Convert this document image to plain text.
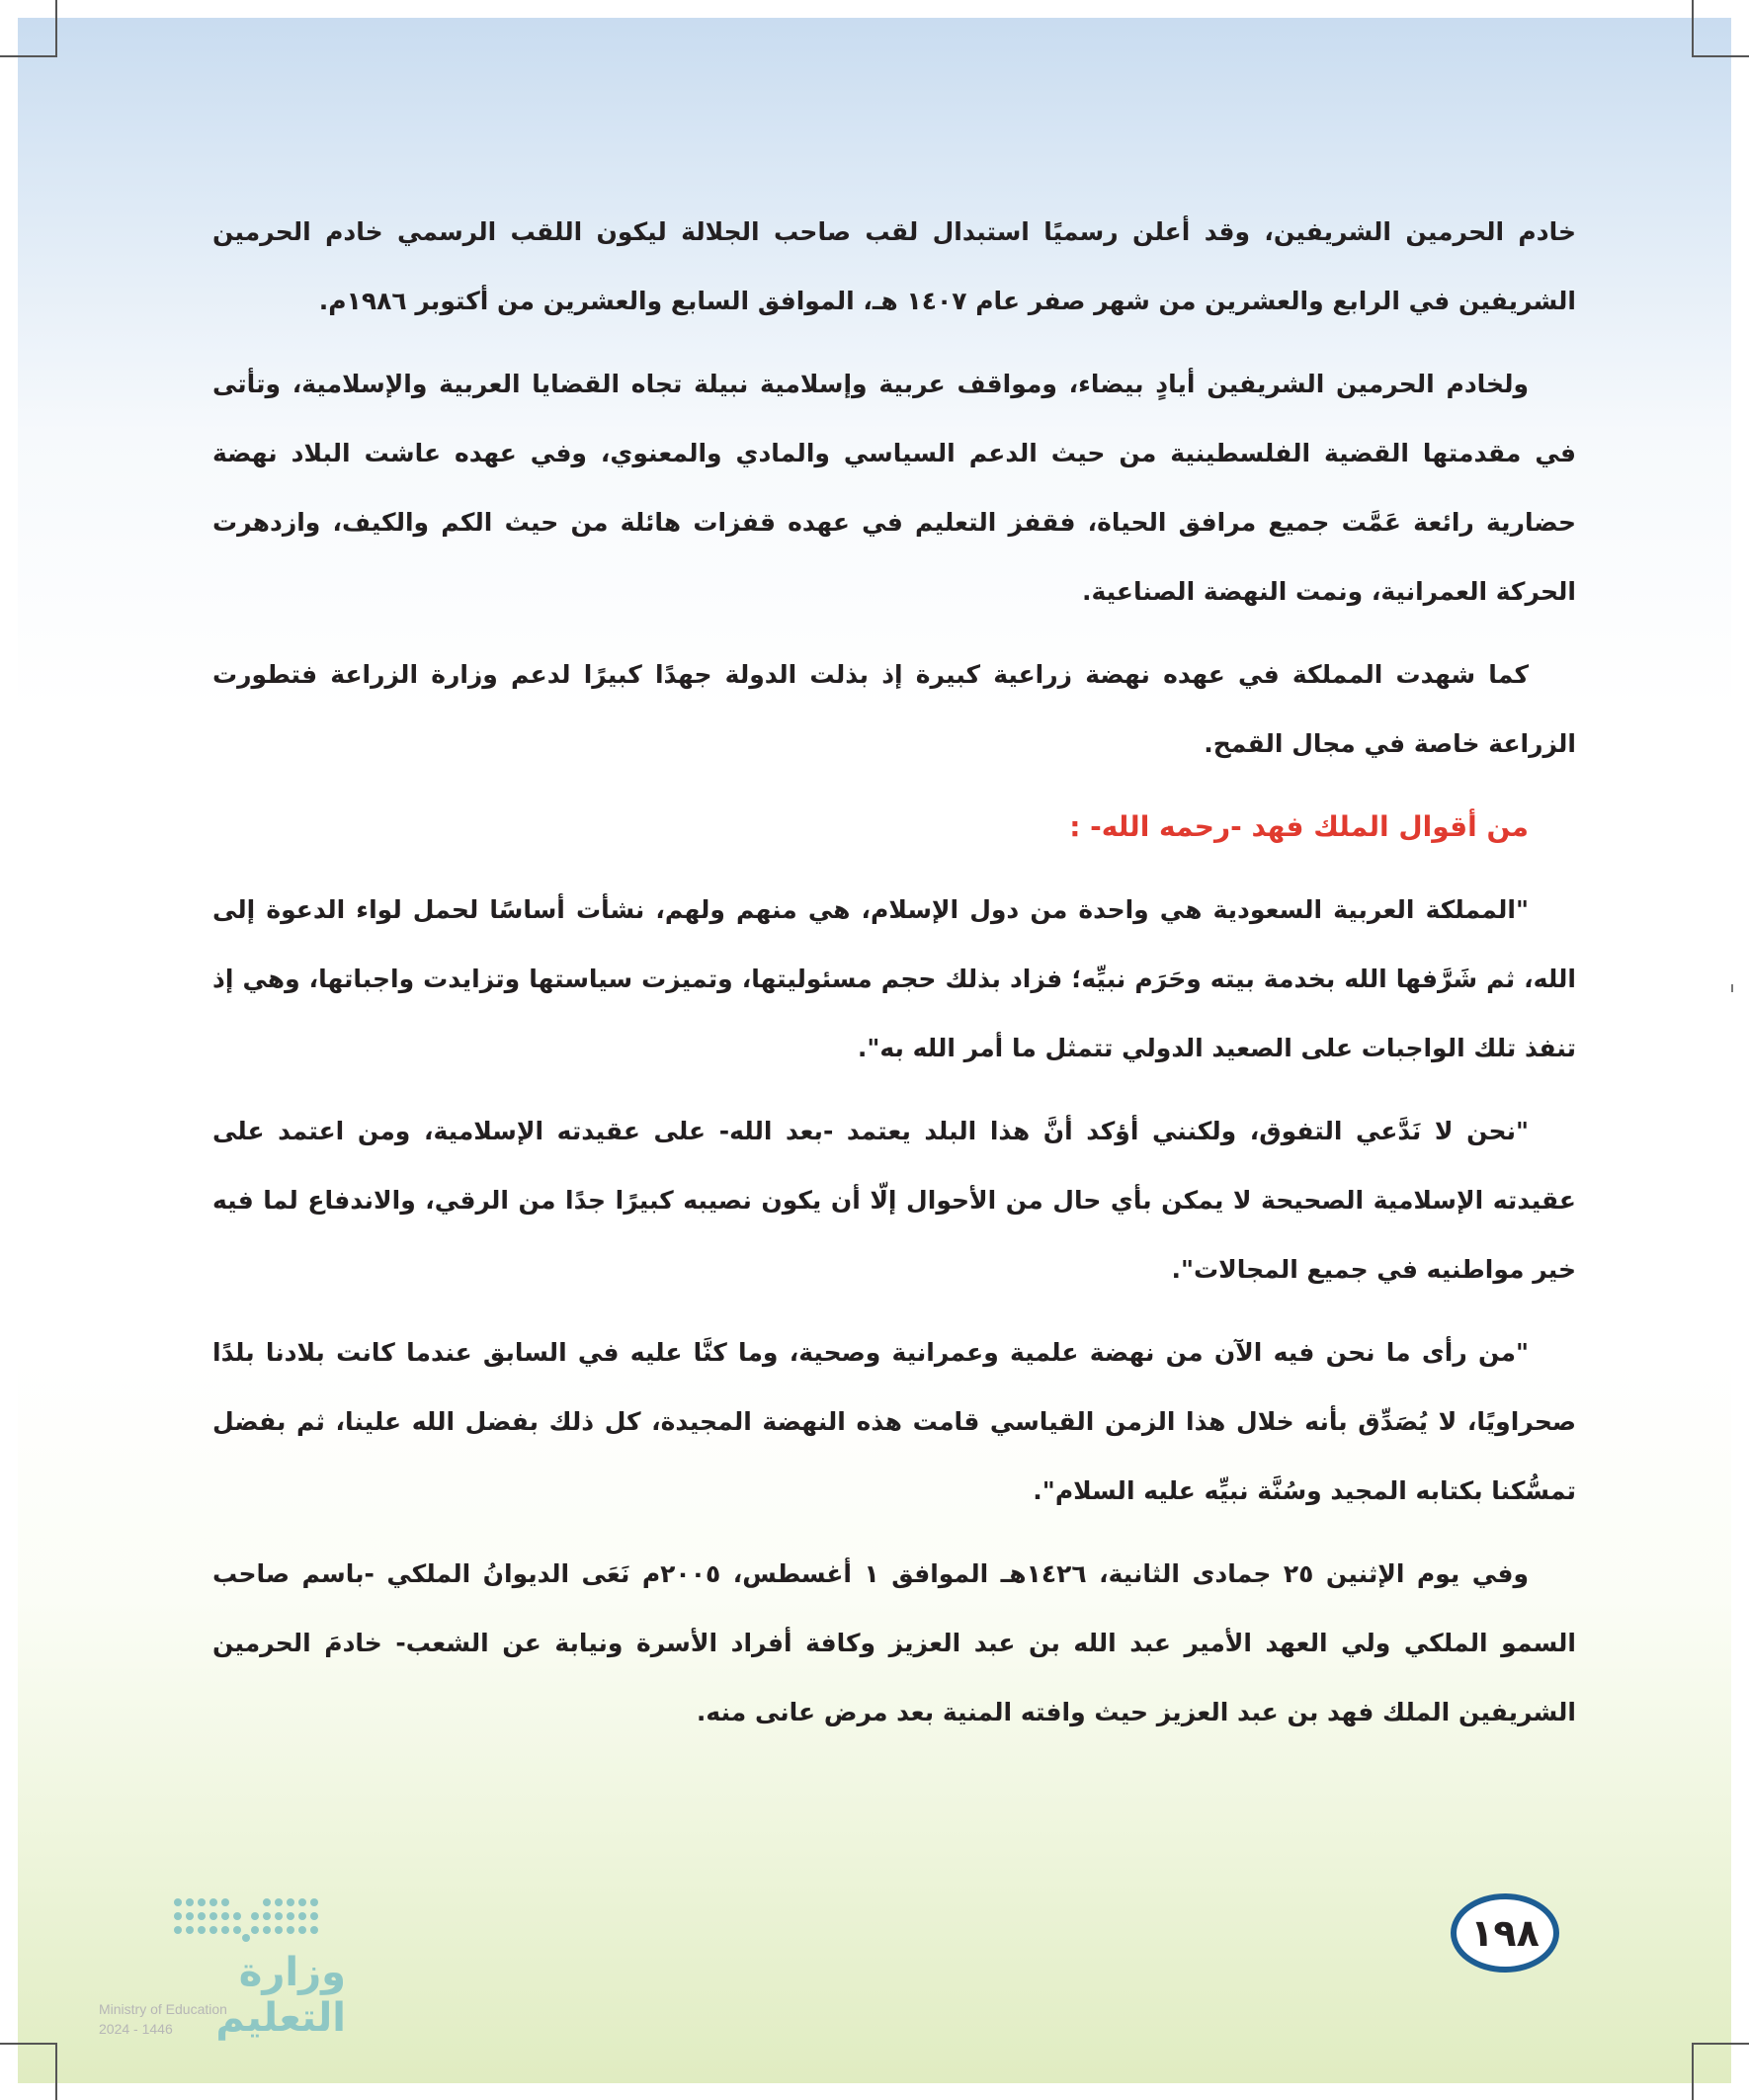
خادم الحرمين الشريفين، وقد أعلن رسميًا استبدال لقب صاحب الجلالة ليكون اللقب الرسمي خادم الحرمين الشريفين في الرابع والعشرين من شهر صفر عام ١٤٠٧ هـ، الموافق السابع والعشرين من أكتوبر ١٩٨٦م.

ولخادم الحرمين الشريفين أيادٍ بيضاء، ومواقف عربية وإسلامية نبيلة تجاه القضايا العربية والإسلامية، وتأتى في مقدمتها القضية الفلسطينية من حيث الدعم السياسي والمادي والمعنوي، وفي عهده عاشت البلاد نهضة حضارية رائعة عَمَّت جميع مرافق الحياة، فقفز التعليم في عهده قفزات هائلة من حيث الكم والكيف، وازدهرت الحركة العمرانية، ونمت النهضة الصناعية.

كما شهدت المملكة في عهده نهضة زراعية كبيرة إذ بذلت الدولة جهدًا كبيرًا لدعم وزارة الزراعة فتطورت الزراعة خاصة في مجال القمح.

من أقوال الملك فهد -رحمه الله- :

"المملكة العربية السعودية هي واحدة من دول الإسلام، هي منهم ولهم، نشأت أساسًا لحمل لواء الدعوة إلى الله، ثم شَرَّفها الله بخدمة بيته وحَرَم نبيِّه؛ فزاد بذلك حجم مسئوليتها، وتميزت سياستها وتزايدت واجباتها، وهي إذ تنفذ تلك الواجبات على الصعيد الدولي تتمثل ما أمر الله به".

"نحن لا نَدَّعي التفوق، ولكنني أؤكد أنَّ هذا البلد يعتمد -بعد الله- على عقيدته الإسلامية، ومن اعتمد على عقيدته الإسلامية الصحيحة لا يمكن بأي حال من الأحوال إلّا أن يكون نصيبه كبيرًا جدًا من الرقي، والاندفاع لما فيه خير مواطنيه في جميع المجالات".

"من رأى ما نحن فيه الآن من نهضة علمية وعمرانية وصحية، وما كنَّا عليه في السابق عندما كانت بلادنا بلدًا صحراويًا، لا يُصَدِّق بأنه خلال هذا الزمن القياسي قامت هذه النهضة المجيدة، كل ذلك بفضل الله علينا، ثم بفضل تمسُّكنا بكتابه المجيد وسُنَّة نبيِّه عليه السلام".

وفي يوم الإثنين ٢٥ جمادى الثانية، ١٤٢٦هـ الموافق ١ أغسطس، ٢٠٠٥م نَعَى الديوانُ الملكي -باسم صاحب السمو الملكي ولي العهد الأمير عبد الله بن عبد العزيز وكافة أفراد الأسرة ونيابة عن الشعب- خادمَ الحرمين الشريفين الملك فهد بن عبد العزيز حيث وافته المنية بعد مرض عانى منه.

١٩٨
وزارة التعليم
Ministry of Education
2024 - 1446
